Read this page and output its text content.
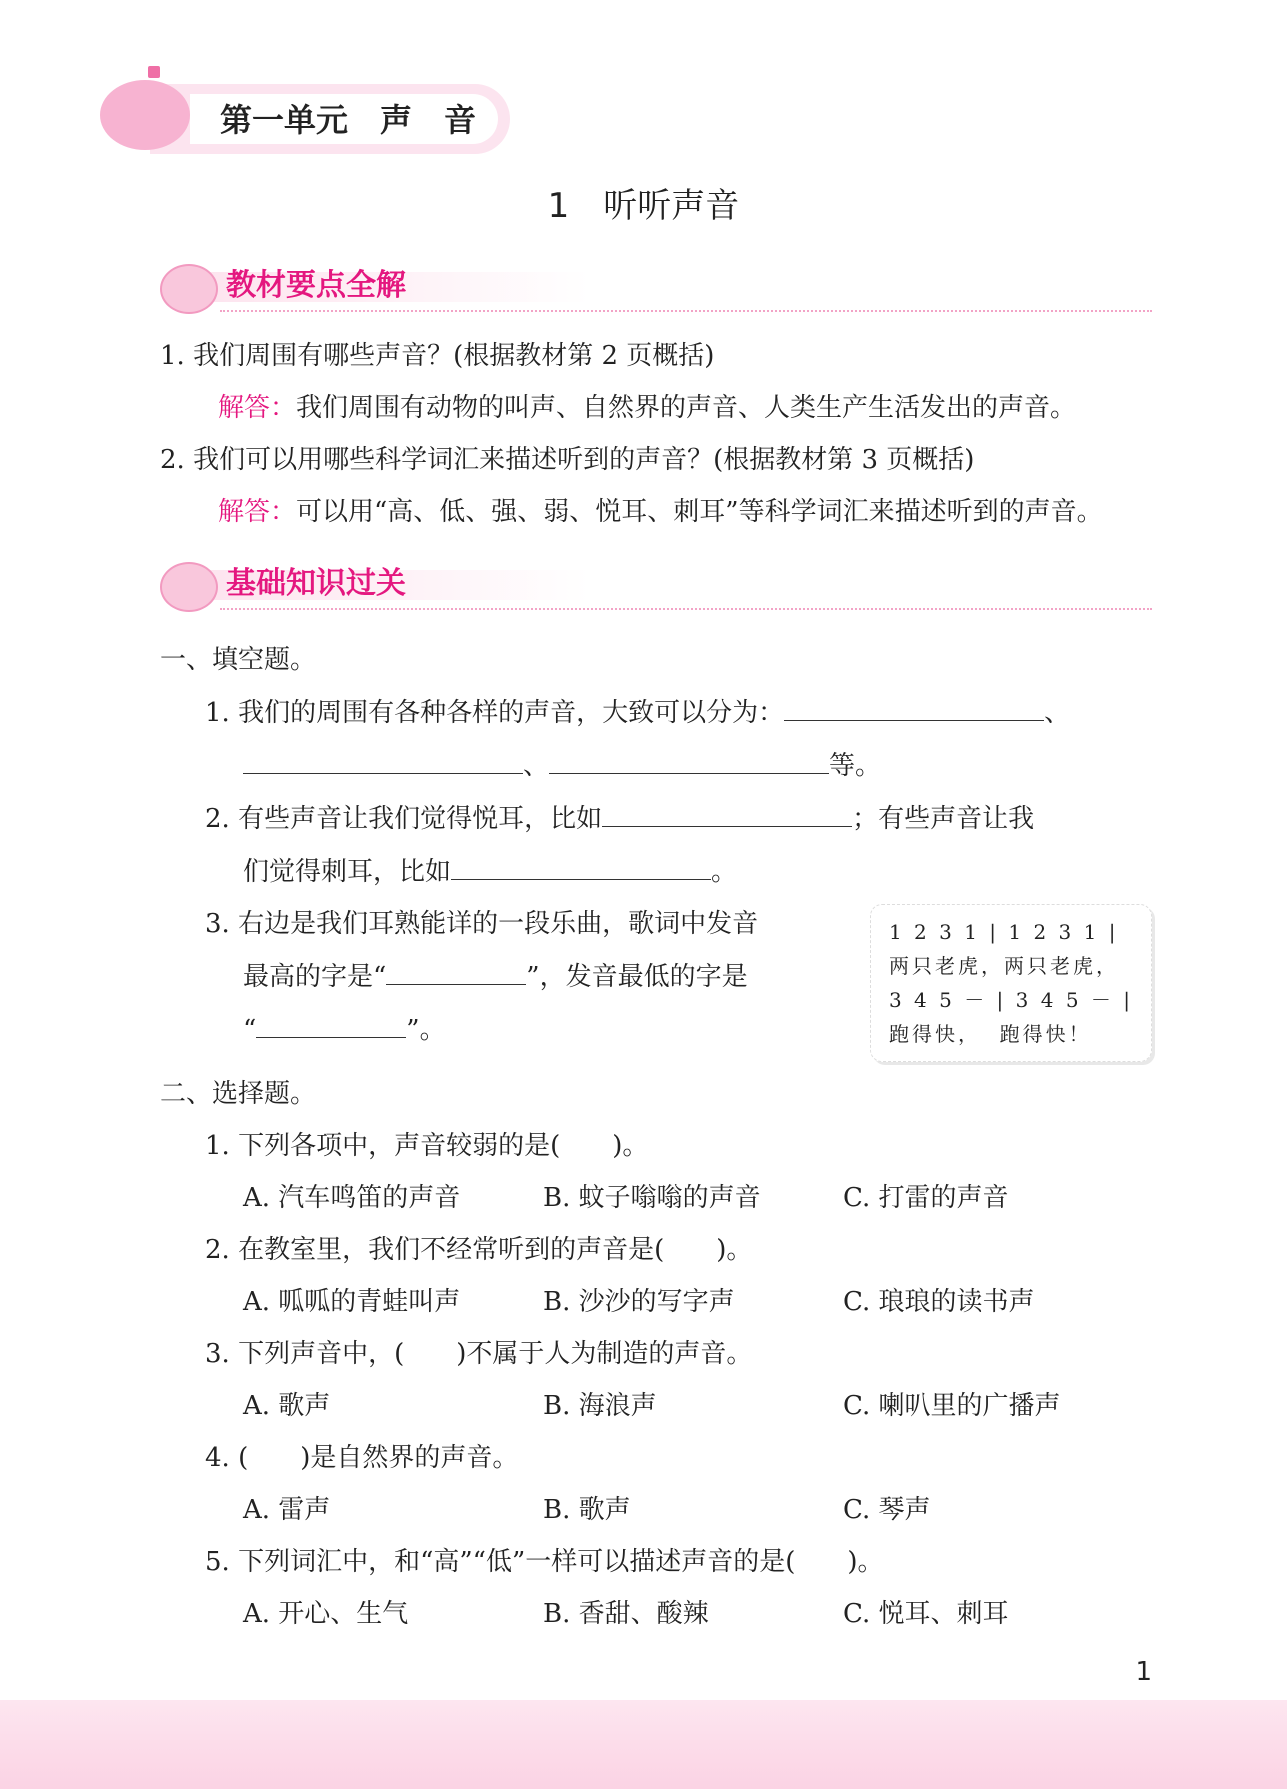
第一单元　声　音
1　听听声音
教材要点全解
1. 我们周围有哪些声音？(根据教材第 2 页概括)
解答：我们周围有动物的叫声、自然界的声音、人类生产生活发出的声音。
2. 我们可以用哪些科学词汇来描述听到的声音？(根据教材第 3 页概括)
解答：可以用“高、低、强、弱、悦耳、刺耳”等科学词汇来描述听到的声音。
基础知识过关
一、填空题。
1. 我们的周围有各种各样的声音，大致可以分为：	、
、	等。
2. 有些声音让我们觉得悦耳，比如	；有些声音让我
们觉得刺耳，比如	。
3. 右边是我们耳熟能详的一段乐曲，歌词中发音
最高的字是“	”，发音最低的字是
“	”。
1 2 3 1 | 1 2 3 1 |
两只老虎，两只老虎，
3 4 5 － | 3 4 5 － |
跑得快，  跑得快！
二、选择题。
1. 下列各项中，声音较弱的是(　　)。
A. 汽车鸣笛的声音	B. 蚊子嗡嗡的声音	C. 打雷的声音
2. 在教室里，我们不经常听到的声音是(　　)。
A. 呱呱的青蛙叫声	B. 沙沙的写字声	C. 琅琅的读书声
3. 下列声音中，(　　)不属于人为制造的声音。
A. 歌声	B. 海浪声	C. 喇叭里的广播声
4. (　　)是自然界的声音。
A. 雷声	B. 歌声	C. 琴声
5. 下列词汇中，和“高”“低”一样可以描述声音的是(　　)。
A. 开心、生气	B. 香甜、酸辣	C. 悦耳、刺耳
1
